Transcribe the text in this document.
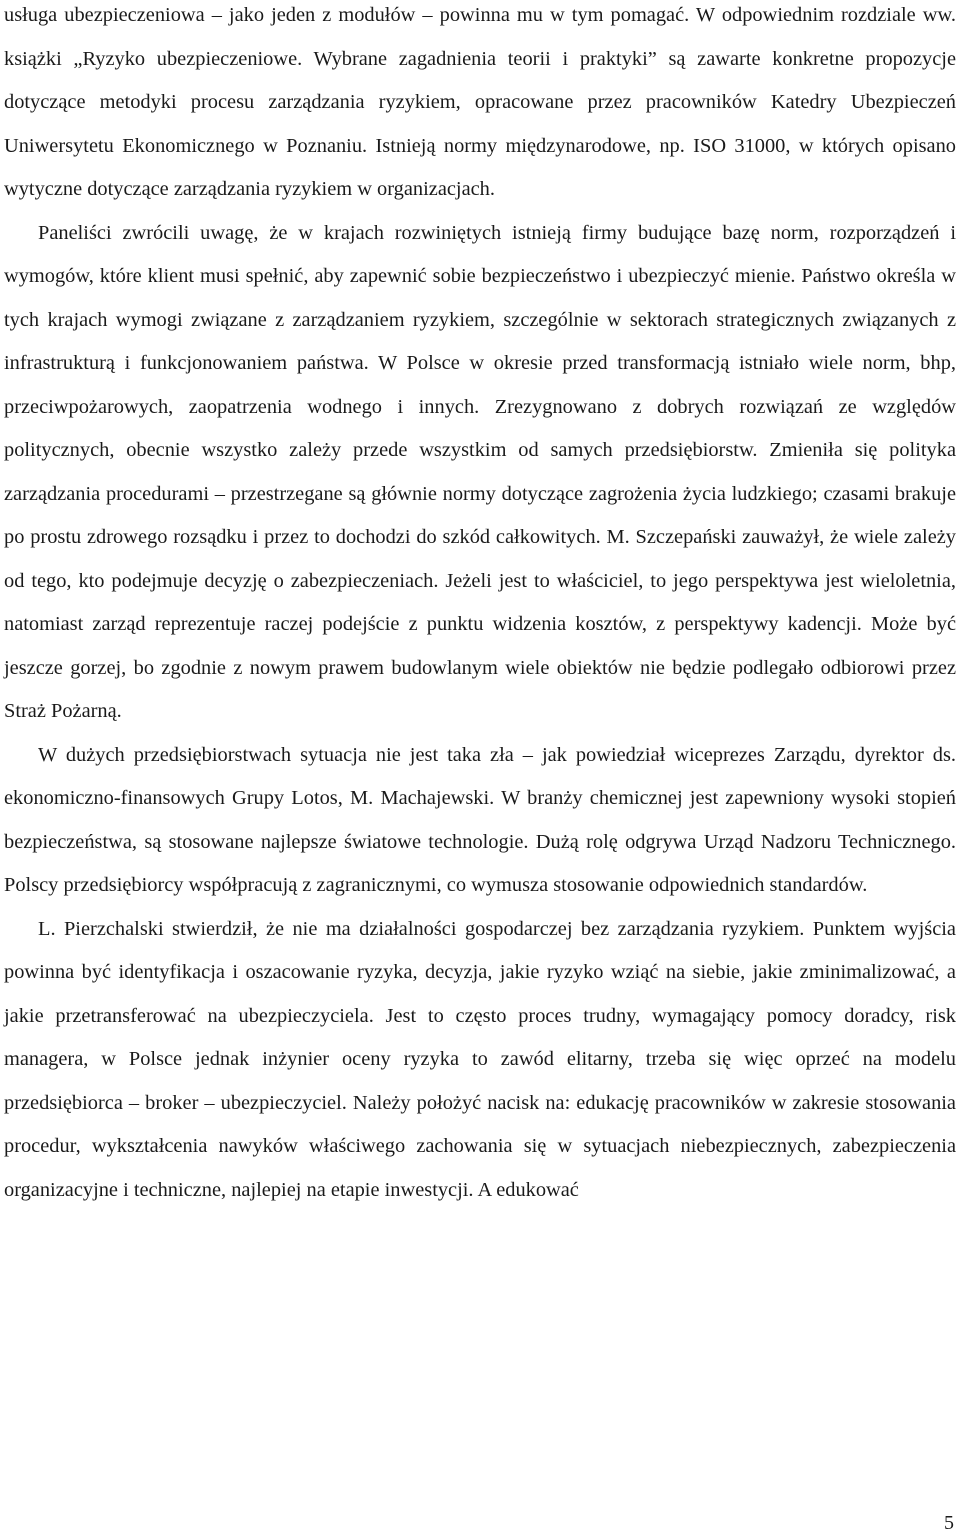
usługa ubezpieczeniowa – jako jeden z modułów – powinna mu w tym pomagać. W odpowiednim rozdziale ww. książki „Ryzyko ubezpieczeniowe. Wybrane zagadnienia teorii i praktyki” są zawarte konkretne propozycje dotyczące metodyki procesu zarządzania ryzykiem, opracowane przez pracowników Katedry Ubezpieczeń Uniwersytetu Ekonomicznego w Poznaniu. Istnieją normy międzynarodowe, np. ISO 31000, w których opisano wytyczne dotyczące zarządzania ryzykiem w organizacjach.

Paneliści zwrócili uwagę, że w krajach rozwiniętych istnieją firmy budujące bazę norm, rozporządzeń i wymogów, które klient musi spełnić, aby zapewnić sobie bezpieczeństwo i ubezpieczyć mienie. Państwo określa w tych krajach wymogi związane z zarządzaniem ryzykiem, szczególnie w sektorach strategicznych związanych z infrastrukturą i funkcjonowaniem państwa. W Polsce w okresie przed transformacją istniało wiele norm, bhp, przeciwpożarowych, zaopatrzenia wodnego i innych. Zrezygnowano z dobrych rozwiązań ze względów politycznych, obecnie wszystko zależy przede wszystkim od samych przedsiębiorstw. Zmieniła się polityka zarządzania procedurami – przestrzegane są głównie normy dotyczące zagrożenia życia ludzkiego; czasami brakuje po prostu zdrowego rozsądku i przez to dochodzi do szkód całkowitych. M. Szczepański zauważył, że wiele zależy od tego, kto podejmuje decyzję o zabezpieczeniach. Jeżeli jest to właściciel, to jego perspektywa jest wieloletnia, natomiast zarząd reprezentuje raczej podejście z punktu widzenia kosztów, z perspektywy kadencji. Może być jeszcze gorzej, bo zgodnie z nowym prawem budowlanym wiele obiektów nie będzie podlegało odbiorowi przez Straż Pożarną.

W dużych przedsiębiorstwach sytuacja nie jest taka zła – jak powiedział wiceprezes Zarządu, dyrektor ds. ekonomiczno-finansowych Grupy Lotos, M. Machajewski. W branży chemicznej jest zapewniony wysoki stopień bezpieczeństwa, są stosowane najlepsze światowe technologie. Dużą rolę odgrywa Urząd Nadzoru Technicznego. Polscy przedsiębiorcy współpracują z zagranicznymi, co wymusza stosowanie odpowiednich standardów.

L. Pierzchalski stwierdził, że nie ma działalności gospodarczej bez zarządzania ryzykiem. Punktem wyjścia powinna być identyfikacja i oszacowanie ryzyka, decyzja, jakie ryzyko wziąć na siebie, jakie zminimalizować, a jakie przetransferować na ubezpieczyciela. Jest to często proces trudny, wymagający pomocy doradcy, risk managera, w Polsce jednak inżynier oceny ryzyka to zawód elitarny, trzeba się więc oprzeć na modelu przedsiębiorca – broker – ubezpieczyciel. Należy położyć nacisk na: edukację pracowników w zakresie stosowania procedur, wykształcenia nawyków właściwego zachowania się w sytuacjach niebezpiecznych, zabezpieczenia organizacyjne i techniczne, najlepiej na etapie inwestycji. A edukować

5
